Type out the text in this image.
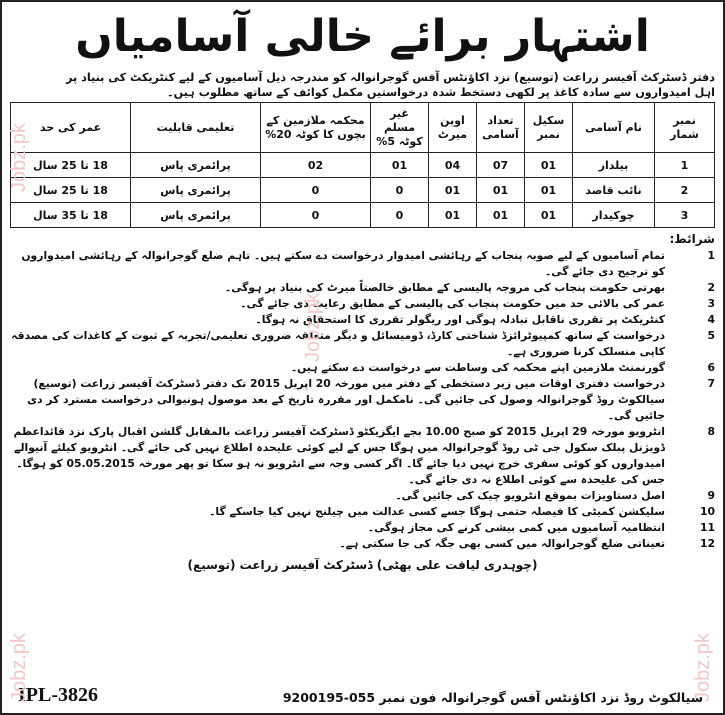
اشتہار برائے خالی آسامیاں
دفتر ڈسٹرکٹ آفیسر زراعت (توسیع) نزد اکاؤنٹس آفس گوجرانوالہ کو مندرجہ ذیل آسامیوں کے لیے کنٹریکٹ کی بنیاد پر
اہل امیدواروں سے سادہ کاغذ پر لکھی دستخط شدہ درخواستیں مکمل کوائف کے ساتھ مطلوب ہیں۔
نمبر شمار	نام آسامی	سکیل نمبر	تعداد آسامی	اوپن میرٹ	غیر مسلم کوٹہ 5%	محکمہ ملازمین کے بچوں کا کوٹہ 20%	تعلیمی قابلیت	عمر کی حد
1	بیلدار	01	07	04	01	02	پرائمری پاس	18 تا 25 سال
2	نائب قاصد	01	01	01	0	0	پرائمری پاس	18 تا 25 سال
3	چوکیدار	01	01	01	0	0	پرائمری پاس	18 تا 35 سال
شرائط:
1
تمام آسامیوں کے لیے صوبہ پنجاب کے رہائشی امیدوار درخواست دے سکتے ہیں۔ تاہم ضلع گوجرانوالہ کے رہائشی امیدواروں کو ترجیح دی جائے گی۔
2
بھرتی حکومت پنجاب کی مروجہ پالیسی کے مطابق خالصتاً میرٹ کی بنیاد پر ہوگی۔
3
عمر کی بالائی حد میں حکومت پنجاب کی پالیسی کے مطابق رعایت دی جائے گی۔
4
کنٹریکٹ پر تقرری ناقابل تبادلہ ہوگی اور ریگولر تقرری کا استحقاق نہ ہوگا۔
5
درخواست کے ساتھ کمپیوٹرائزڈ شناختی کارڈ، ڈومیسائل و دیگر متعلقہ ضروری تعلیمی/تجربہ کے ثبوت کے کاغذات کی مصدقہ کاپی منسلک کرنا ضروری ہے۔
6
گورنمنٹ ملازمین اپنے محکمہ کی وساطت سے درخواست دے سکتے ہیں۔
7
درخواست دفتری اوقات میں زیر دستخطی کے دفتر میں مورخہ 20 اپریل 2015 تک دفتر ڈسٹرکٹ آفیسر زراعت (توسیع) سیالکوٹ روڈ گوجرانوالہ وصول کی جائیں گی۔ نامکمل اور مقررہ تاریخ کے بعد موصول ہونیوالی درخواست مسترد کر دی جائیں گی۔
8
انٹرویو مورخہ 29 اپریل 2015 کو صبح 10.00 بجے ایگزیکٹو ڈسٹرکٹ آفیسر زراعت بالمقابل گلشن اقبال پارک نزد قائداعظم ڈویژنل پبلک سکول جی ٹی روڈ گوجرانوالہ میں ہوگا جس کے لیے کوئی علیحدہ اطلاع نہیں کی جائے گی۔ انٹرویو کیلئے آنیوالے امیدواروں کو کوئی سفری خرچ نہیں دیا جائے گا۔ اگر کسی وجہ سے انٹرویو نہ ہو سکا تو پھر مورخہ 05.05.2015 کو ہوگا۔ جس کی علیحدہ سے کوئی اطلاع نہ دی جائے گی۔
9
اصل دستاویزات بموقع انٹرویو چیک کی جائیں گی۔
10
سلیکشن کمیٹی کا فیصلہ حتمی ہوگا جسے کسی عدالت میں چیلنج نہیں کیا جاسکے گا۔
11
انتظامیہ آسامیوں میں کمی بیشی کرنے کی مجاز ہوگی۔
12
تعیناتی ضلع گوجرانوالہ میں کسی بھی جگہ کی جا سکتی ہے۔
(چوہدری لیاقت علی بھٹی) ڈسٹرکٹ آفیسر زراعت (توسیع)
IPL-3826	سیالکوٹ روڈ نزد اکاؤنٹس آفس گوجرانوالہ فون نمبر 055-9200195
Jobz.pk
Jobz.pk
Jobz.pk
Jobz.pk
